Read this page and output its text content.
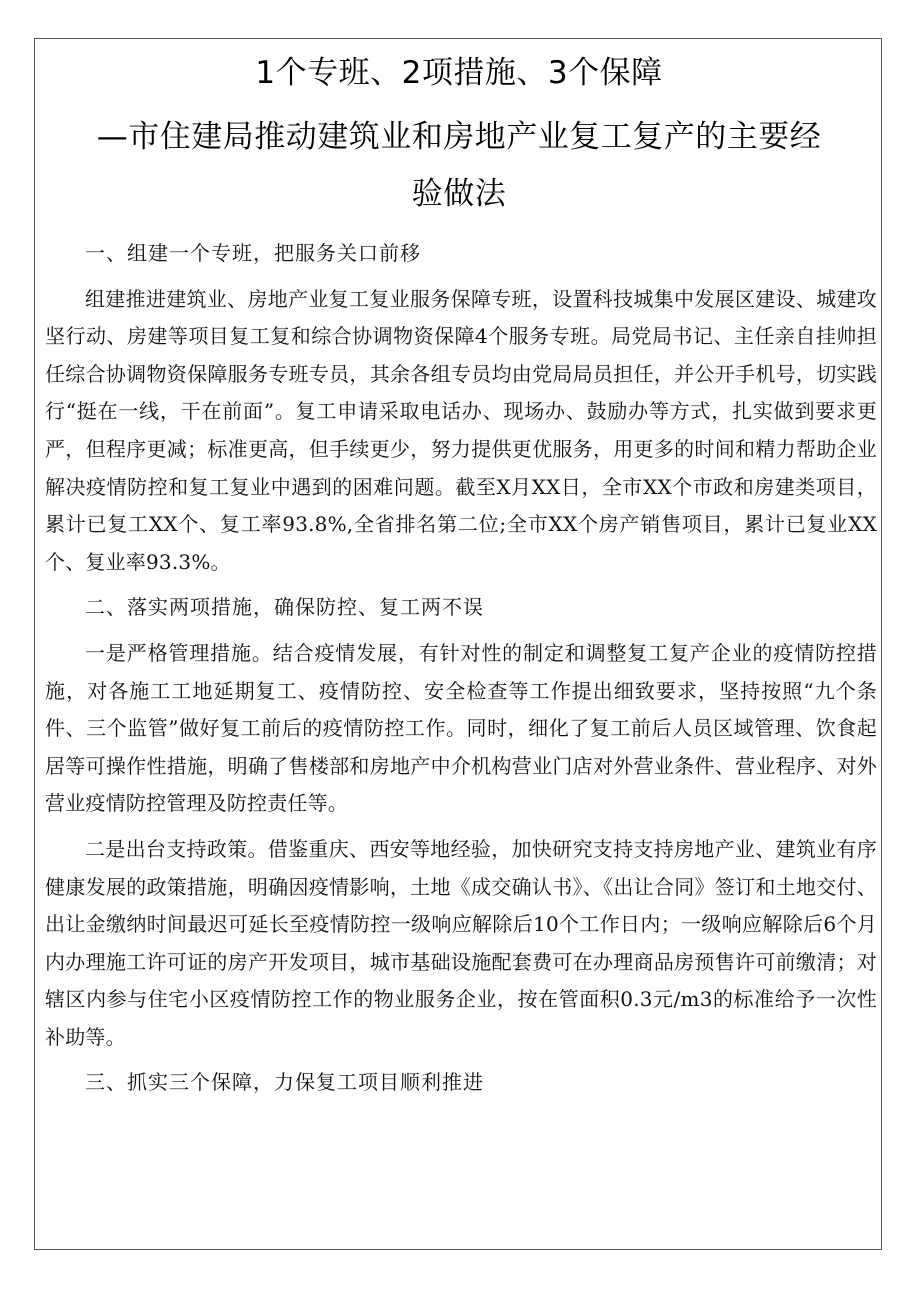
1个专班、2项措施、3个保障
—市住建局推动建筑业和房地产业复工复产的主要经
验做法

一、组建一个专班，把服务关口前移

组建推进建筑业、房地产业复工复业服务保障专班，设置科技城集中发展区建设、城建攻坚行动、房建等项目复工复和综合协调物资保障4个服务专班。局党局书记、主任亲自挂帅担任综合协调物资保障服务专班专员，其余各组专员均由党局局员担任，并公开手机号，切实践行“挺在一线，干在前面”。复工申请采取电话办、现场办、鼓励办等方式，扎实做到要求更严，但程序更减；标准更高，但手续更少，努力提供更优服务，用更多的时间和精力帮助企业解决疫情防控和复工复业中遇到的困难问题。截至X月XX日，全市XX个市政和房建类项目，累计已复工XX个、复工率93.8%,全省排名第二位;全市XX个房产销售项目，累计已复业XX个、复业率93.3%。

二、落实两项措施，确保防控、复工两不误

一是严格管理措施。结合疫情发展，有针对性的制定和调整复工复产企业的疫情防控措施，对各施工工地延期复工、疫情防控、安全检查等工作提出细致要求，坚持按照“九个条件、三个监管”做好复工前后的疫情防控工作。同时，细化了复工前后人员区域管理、饮食起居等可操作性措施，明确了售楼部和房地产中介机构营业门店对外营业条件、营业程序、对外营业疫情防控管理及防控责任等。

二是出台支持政策。借鉴重庆、西安等地经验，加快研究支持支持房地产业、建筑业有序健康发展的政策措施，明确因疫情影响，土地《成交确认书》、《出让合同》签订和土地交付、出让金缴纳时间最迟可延长至疫情防控一级响应解除后10个工作日内；一级响应解除后6个月内办理施工许可证的房产开发项目，城市基础设施配套费可在办理商品房预售许可前缴清；对辖区内参与住宅小区疫情防控工作的物业服务企业，按在管面积0.3元/m3的标准给予一次性补助等。

三、抓实三个保障，力保复工项目顺利推进
